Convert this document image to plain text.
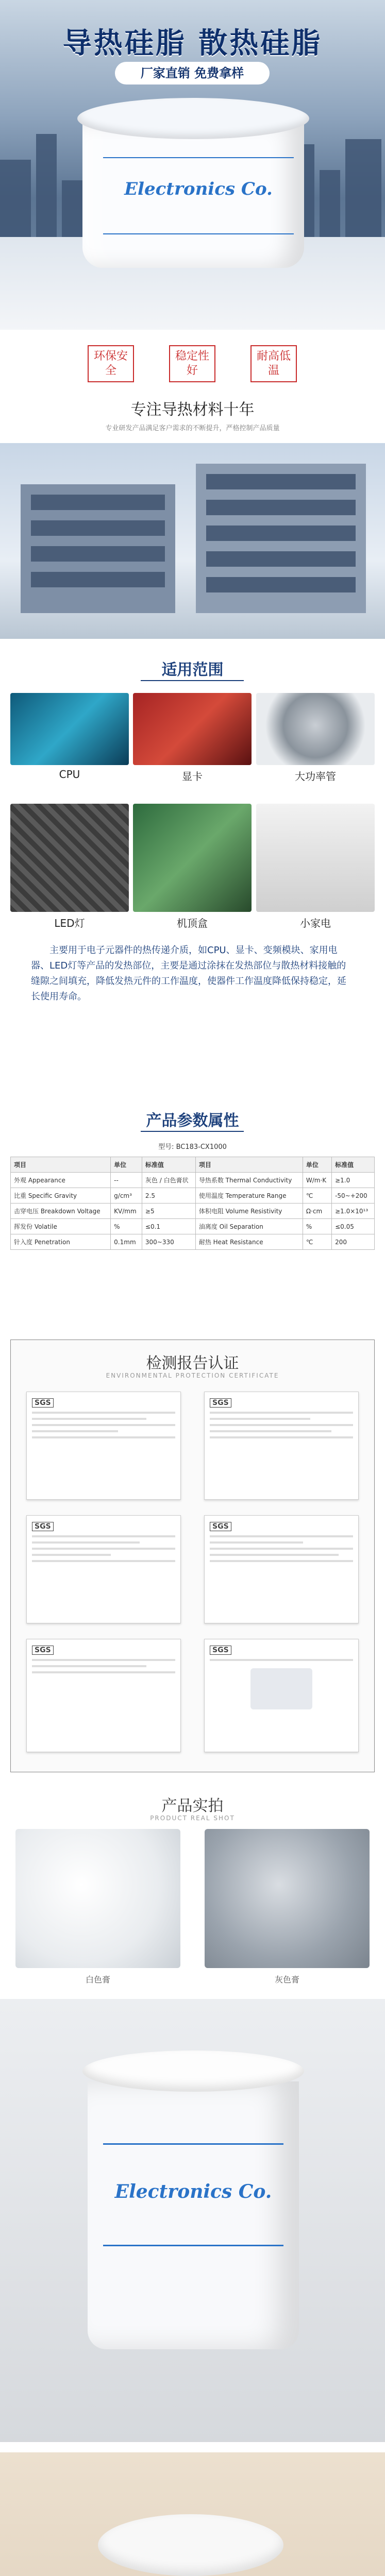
导热硅脂 散热硅脂
厂家直销 免费拿样
Electronics Co.
环保安全
稳定性好
耐高低温
专注导热材料十年
专业研发产品满足客户需求的不断提升，严格控制产品质量
适用范围
CPU	显卡	大功率管
LED灯	机顶盒	小家电
主要用于电子元器件的热传递介质，如CPU、显卡、变频模块、家用电器、LED灯等产品的发热部位，主要是通过涂抹在发热部位与散热材料接触的缝隙之间填充，降低发热元件的工作温度，使器件工作温度降低保持稳定，延长使用寿命。
产品参数属性
型号: BC183-CX1000
项目	单位	标准值	项目	单位	标准值
外观 Appearance	--	灰色 / 白色膏状	导热系数 Thermal Conductivity	W/m·K	≥1.0
比重 Specific Gravity	g/cm³	2.5	使用温度 Temperature Range	℃	-50~+200
击穿电压 Breakdown Voltage	KV/mm	≥5	体积电阻 Volume Resistivity	Ω·cm	≥1.0×10¹³
挥发份 Volatile	%	≤0.1	油离度 Oil Separation	%	≤0.05
针入度 Penetration	0.1mm	300~330	耐热 Heat Resistance	℃	200
检测报告认证
ENVIRONMENTAL PROTECTION CERTIFICATE
SGS	SGS
SGS	SGS
SGS	SGS
产品实拍
PRODUCT REAL SHOT
白色膏	灰色膏
Electronics Co.
